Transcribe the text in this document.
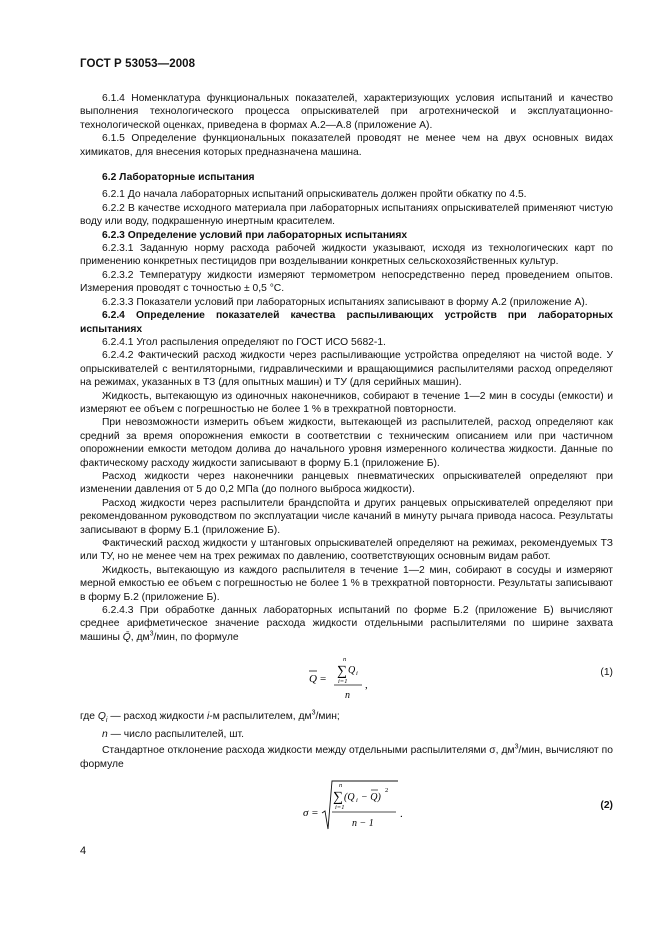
ГОСТ Р 53053—2008

6.1.4 Номенклатура функциональных показателей, характеризующих условия испытаний и качество выполнения технологического процесса опрыскивателей при агротехнической и эксплуатационно-технологической оценках, приведена в формах А.2—А.8 (приложение А).

6.1.5 Определение функциональных показателей проводят не менее чем на двух основных видах химикатов, для внесения которых предназначена машина.

6.2 Лабораторные испытания

6.2.1 До начала лабораторных испытаний опрыскиватель должен пройти обкатку по 4.5.

6.2.2 В качестве исходного материала при лабораторных испытаниях опрыскивателей применяют чистую воду или воду, подкрашенную инертным красителем.

6.2.3 Определение условий при лабораторных испытаниях

6.2.3.1 Заданную норму расхода рабочей жидкости указывают, исходя из технологических карт по применению конкретных пестицидов при возделывании конкретных сельскохозяйственных культур.

6.2.3.2 Температуру жидкости измеряют термометром непосредственно перед проведением опытов. Измерения проводят с точностью ± 0,5 °С.

6.2.3.3 Показатели условий при лабораторных испытаниях записывают в форму А.2 (приложение А).

6.2.4 Определение показателей качества распыливающих устройств при лабораторных испытаниях

6.2.4.1 Угол распыления определяют по ГОСТ ИСО 5682-1.

6.2.4.2 Фактический расход жидкости через распыливающие устройства определяют на чистой воде. У опрыскивателей с вентиляторными, гидравлическими и вращающимися распылителями расход определяют на режимах, указанных в ТЗ (для опытных машин) и ТУ (для серийных машин).

Жидкость, вытекающую из одиночных наконечников, собирают в течение 1—2 мин в сосуды (емкости) и измеряют ее объем с погрешностью не более 1 % в трехкратной повторности.

При невозможности измерить объем жидкости, вытекающей из распылителей, расход определяют как средний за время опорожнения емкости в соответствии с техническим описанием или при частичном опорожнении емкости методом долива до начального уровня измеренного количества жидкости. Данные по фактическому расходу жидкости записывают в форму Б.1 (приложение Б).

Расход жидкости через наконечники ранцевых пневматических опрыскивателей определяют при изменении давления от 5 до 0,2 МПа (до полного выброса жидкости).

Расход жидкости через распылители брандспойта и других ранцевых опрыскивателей определяют при рекомендованном руководством по эксплуатации числе качаний в минуту рычага привода насоса. Результаты записывают в форму Б.1 (приложение Б).

Фактический расход жидкости у штанговых опрыскивателей определяют на режимах, рекомендуемых ТЗ или ТУ, но не менее чем на трех режимах по давлению, соответствующих основным видам работ.

Жидкость, вытекающую из каждого распылителя в течение 1—2 мин, собирают в сосуды и измеряют мерной емкостью ее объем с погрешностью не более 1 % в трехкратной повторности. Результаты записывают в форму Б.2 (приложение Б).

6.2.4.3 При обработке данных лабораторных испытаний по форме Б.2 (приложение Б) вычисляют среднее арифметическое значение расхода жидкости отдельными распылителями по ширине захвата машины Q̄, $дм^3$/мин, по формуле

Q =
n
∑ Q i
i=1
n
,
(1)

где $Q_i$ — расход жидкости i-м распылителем, $дм^3$/мин;

n — число распылителей, шт.

Стандартное отклонение расхода жидкости между отдельными распылителями σ, $дм^3$/мин, вычисляют по формуле

σ =
n
∑ (Q i − Q)
2
i=1
n − 1
.
(2)
4
